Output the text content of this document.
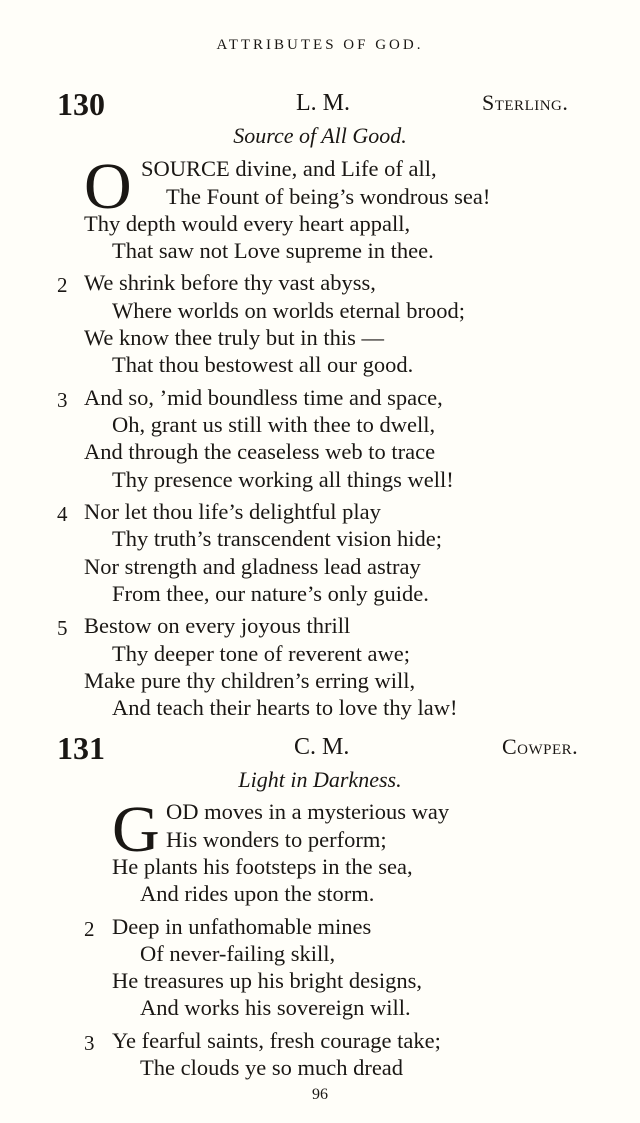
ATTRIBUTES OF GOD.
130	L. M.	Sterling.
Source of All Good.
O SOURCE divine, and Life of all,
The Fount of being’s wondrous sea!
Thy depth would every heart appall,
That saw not Love supreme in thee.
2 We shrink before thy vast abyss,
Where worlds on worlds eternal brood;
We know thee truly but in this —
That thou bestowest all our good.
3 And so, ’mid boundless time and space,
Oh, grant us still with thee to dwell,
And through the ceaseless web to trace
Thy presence working all things well!
4 Nor let thou life’s delightful play
Thy truth’s transcendent vision hide;
Nor strength and gladness lead astray
From thee, our nature’s only guide.
5 Bestow on every joyous thrill
Thy deeper tone of reverent awe;
Make pure thy children’s erring will,
And teach their hearts to love thy law!
131	C. M.	Cowper.
Light in Darkness.
G OD moves in a mysterious way
His wonders to perform;
He plants his footsteps in the sea,
And rides upon the storm.
2 Deep in unfathomable mines
Of never-failing skill,
He treasures up his bright designs,
And works his sovereign will.
3 Ye fearful saints, fresh courage take;
The clouds ye so much dread
96
